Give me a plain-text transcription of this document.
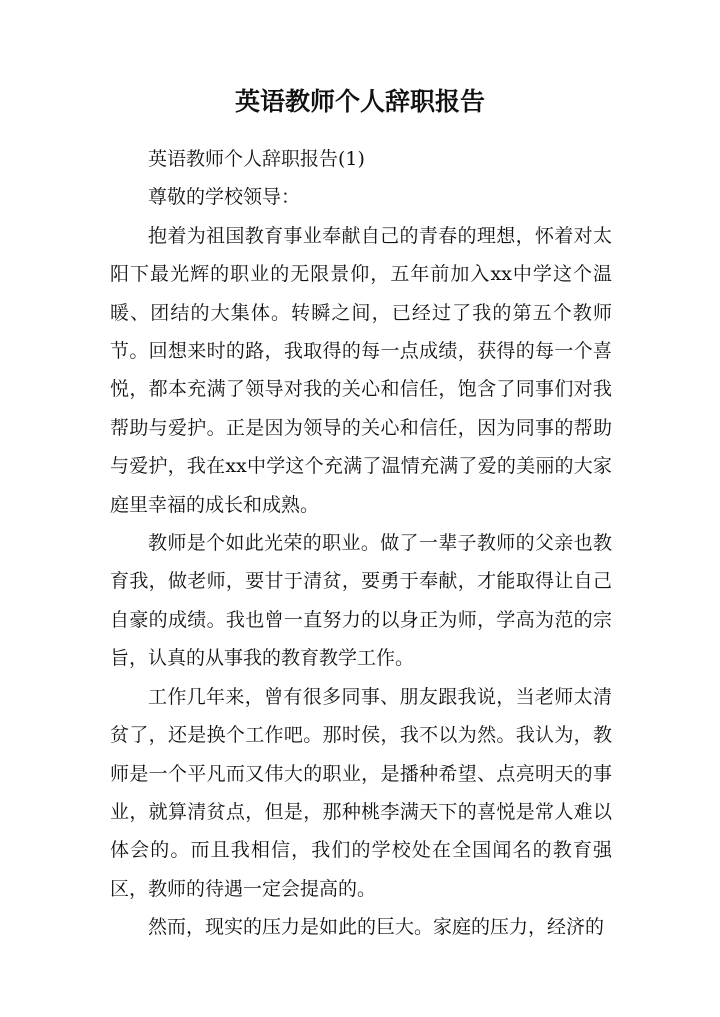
英语教师个人辞职报告

英语教师个人辞职报告(1)

尊敬的学校领导：

抱着为祖国教育事业奉献自己的青春的理想，怀着对太阳下最光辉的职业的无限景仰，五年前加入xx中学这个温暖、团结的大集体。转瞬之间，已经过了我的第五个教师节。回想来时的路，我取得的每一点成绩，获得的每一个喜悦，都本充满了领导对我的关心和信任，饱含了同事们对我帮助与爱护。正是因为领导的关心和信任，因为同事的帮助与爱护，我在xx中学这个充满了温情充满了爱的美丽的大家庭里幸福的成长和成熟。

教师是个如此光荣的职业。做了一辈子教师的父亲也教育我，做老师，要甘于清贫，要勇于奉献，才能取得让自己自豪的成绩。我也曾一直努力的以身正为师，学高为范的宗旨，认真的从事我的教育教学工作。

工作几年来，曾有很多同事、朋友跟我说，当老师太清贫了，还是换个工作吧。那时侯，我不以为然。我认为，教师是一个平凡而又伟大的职业，是播种希望、点亮明天的事业，就算清贫点，但是，那种桃李满天下的喜悦是常人难以体会的。而且我相信，我们的学校处在全国闻名的教育强区，教师的待遇一定会提高的。

然而，现实的压力是如此的巨大。家庭的压力，经济的
